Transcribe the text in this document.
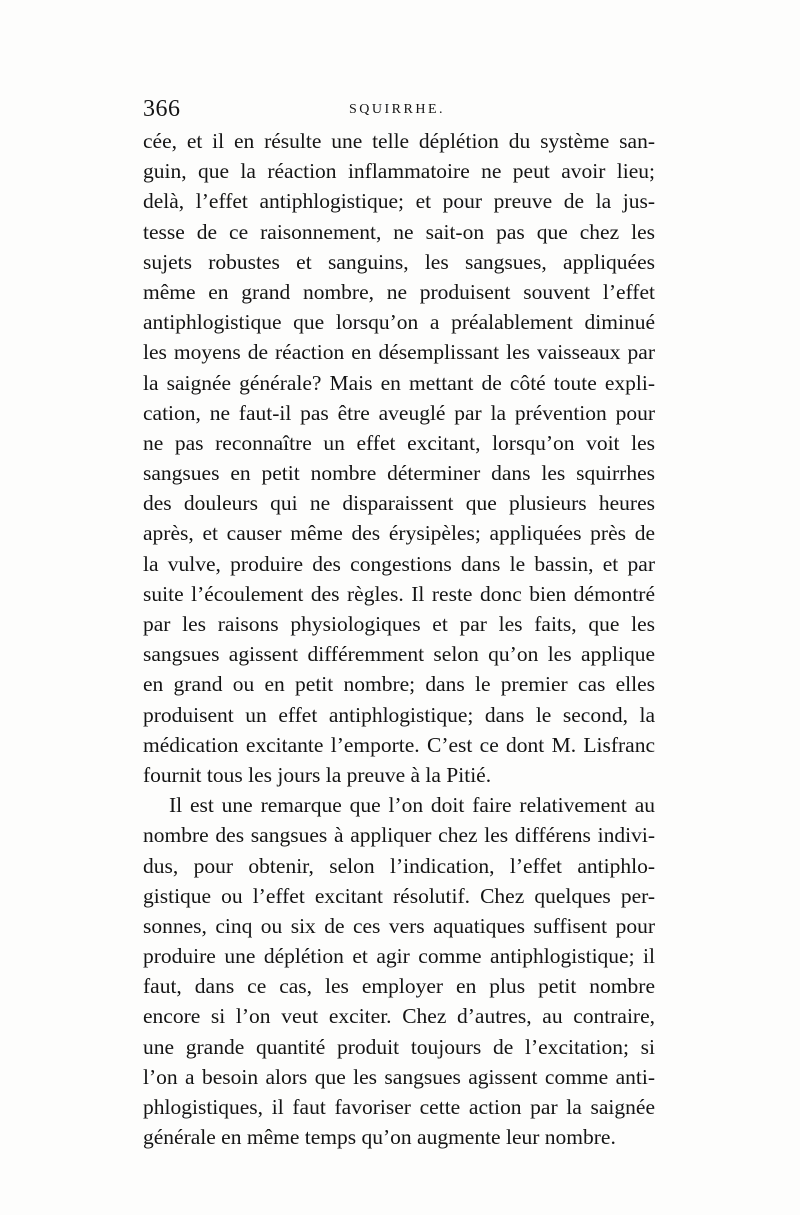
366	SQUIRRHE.
cée, et il en résulte une telle déplétion du système san-
guin, que la réaction inflammatoire ne peut avoir lieu;
delà, l’effet antiphlogistique; et pour preuve de la jus-
tesse de ce raisonnement, ne sait-on pas que chez les
sujets robustes et sanguins, les sangsues, appliquées
même en grand nombre, ne produisent souvent l’effet
antiphlogistique que lorsqu’on a préalablement diminué
les moyens de réaction en désemplissant les vaisseaux par
la saignée générale? Mais en mettant de côté toute expli-
cation, ne faut-il pas être aveuglé par la prévention pour
ne pas reconnaître un effet excitant, lorsqu’on voit les
sangsues en petit nombre déterminer dans les squirrhes
des douleurs qui ne disparaissent que plusieurs heures
après, et causer même des érysipèles; appliquées près de
la vulve, produire des congestions dans le bassin, et par
suite l’écoulement des règles. Il reste donc bien démontré
par les raisons physiologiques et par les faits, que les
sangsues agissent différemment selon qu’on les applique
en grand ou en petit nombre; dans le premier cas elles
produisent un effet antiphlogistique; dans le second, la
médication excitante l’emporte. C’est ce dont M. Lisfranc
fournit tous les jours la preuve à la Pitié.
Il est une remarque que l’on doit faire relativement au
nombre des sangsues à appliquer chez les différens indivi-
dus, pour obtenir, selon l’indication, l’effet antiphlo-
gistique ou l’effet excitant résolutif. Chez quelques per-
sonnes, cinq ou six de ces vers aquatiques suffisent pour
produire une déplétion et agir comme antiphlogistique; il
faut, dans ce cas, les employer en plus petit nombre
encore si l’on veut exciter. Chez d’autres, au contraire,
une grande quantité produit toujours de l’excitation; si
l’on a besoin alors que les sangsues agissent comme anti-
phlogistiques, il faut favoriser cette action par la saignée
générale en même temps qu’on augmente leur nombre.
